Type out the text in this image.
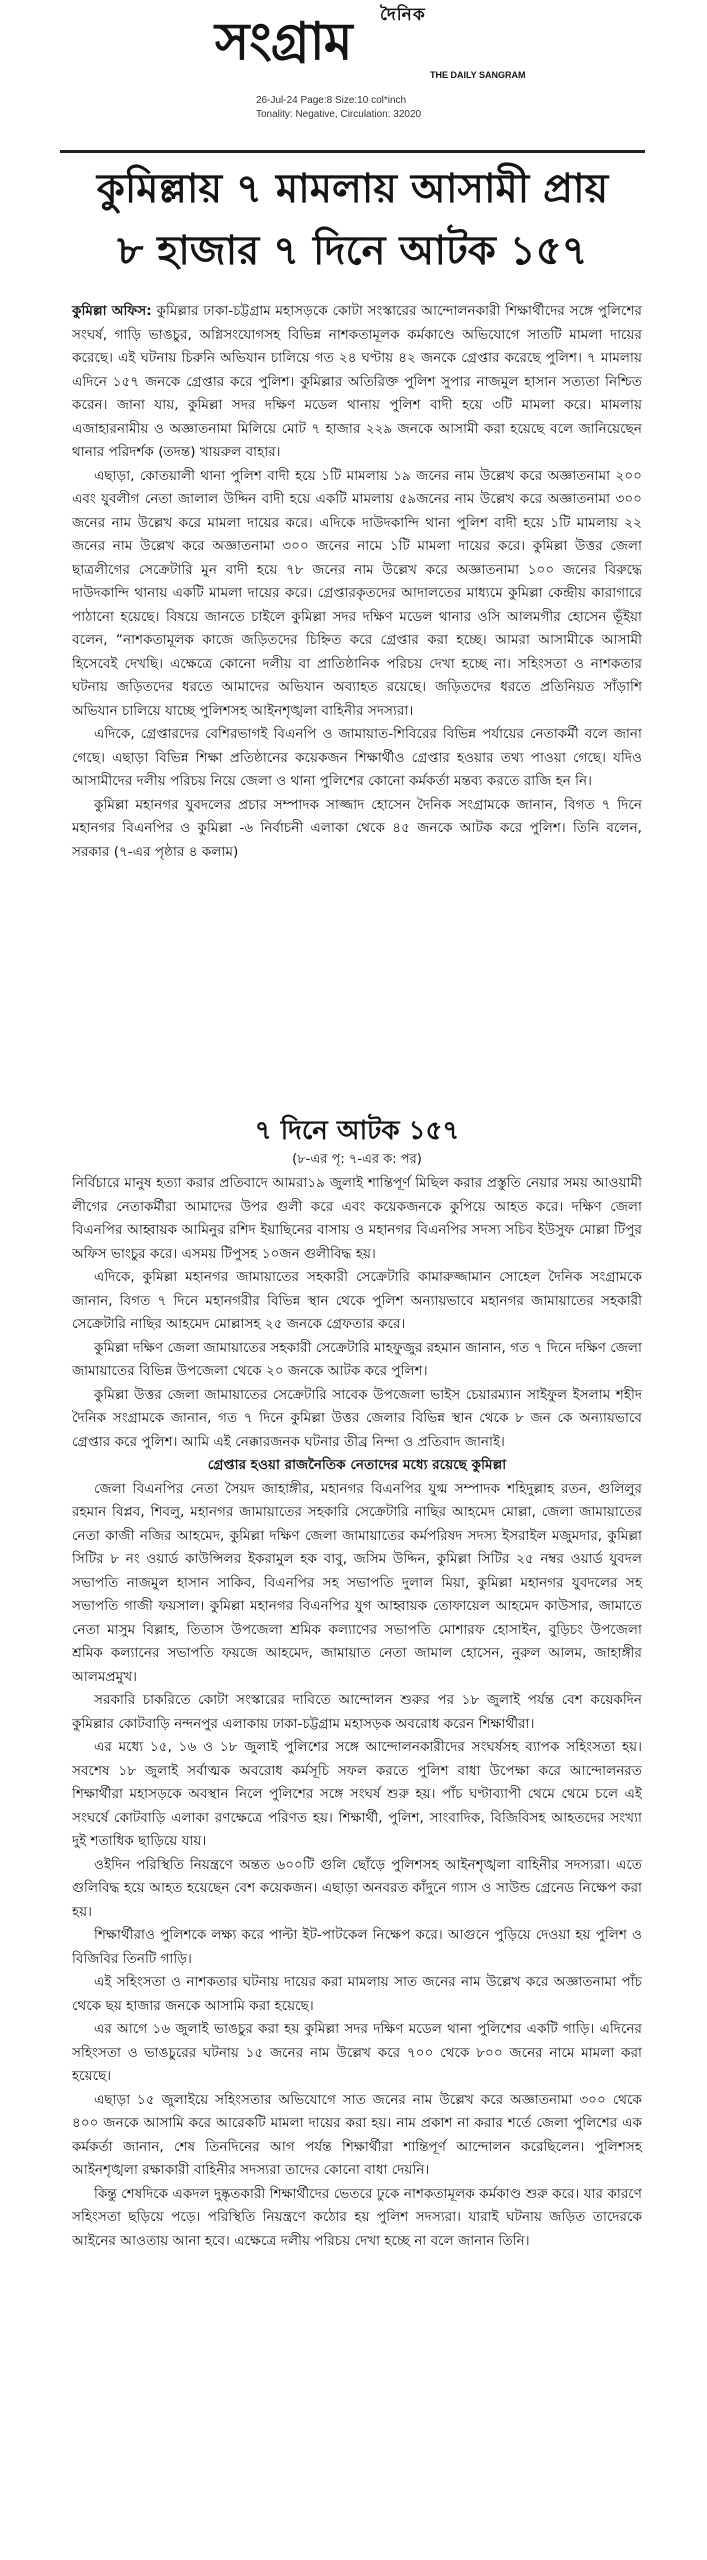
দৈনিক
সংগ্রাম
THE DAILY SANGRAM
26-Jul-24 Page:8 Size:10 col*inch
Tonality: Negative, Circulation: 32020
কুমিল্লায় ৭ মামলায় আসামী প্রায়
৮ হাজার ৭ দিনে আটক ১৫৭

কুমিল্লা অফিস: কুমিল্লার ঢাকা-চট্টগ্রাম মহাসড়কে কোটা সংস্কারের আন্দোলনকারী শিক্ষার্থীদের সঙ্গে পুলিশের সংঘর্ষ, গাড়ি ভাঙচুর, অগ্নিসংযোগসহ বিভিন্ন নাশকতামূলক কর্মকাণ্ডে অভিযোগে সাতটি মামলা দায়ের করেছে। এই ঘটনায় চিরুনি অভিযান চালিয়ে গত ২৪ ঘণ্টায় ৪২ জনকে গ্রেপ্তার করেছে পুলিশ। ৭ মামলায় এদিনে ১৫৭ জনকে গ্রেপ্তার করে পুলিশ। কুমিল্লার অতিরিক্ত পুলিশ সুপার নাজমুল হাসান সত্যতা নিশ্চিত করেন। জানা যায়, কুমিল্লা সদর দক্ষিণ মডেল থানায় পুলিশ বাদী হয়ে ৩টি মামলা করে। মামলায় এজাহারনামীয় ও অজ্ঞাতনামা মিলিয়ে মোট ৭ হাজার ২২৯ জনকে আসামী করা হয়েছে বলে জানিয়েছেন থানার পরিদর্শক (তদন্ত) খায়রুল বাহার।

এছাড়া, কোতয়ালী থানা পুলিশ বাদী হয়ে ১টি মামলায় ১৯ জনের নাম উল্লেখ করে অজ্ঞাতনামা ২০০ এবং যুবলীগ নেতা জালাল উদ্দিন বাদী হয়ে একটি মামলায় ৫৯জনের নাম উল্লেখ করে অজ্ঞাতনামা ৩০০ জনের নাম উল্লেখ করে মামলা দায়ের করে। এদিকে দাউদকান্দি থানা পুলিশ বাদী হয়ে ১টি মামলায় ২২ জনের নাম উল্লেখ করে অজ্ঞাতনামা ৩০০ জনের নামে ১টি মামলা দায়ের করে। কুমিল্লা উত্তর জেলা ছাত্রলীগের সেক্রেটারি মুন বাদী হয়ে ৭৮ জনের নাম উল্লেখ করে অজ্ঞাতনামা ১০০ জনের বিরুদ্ধে দাউদকান্দি থানায় একটি মামলা দায়ের করে। গ্রেপ্তারকৃতদের আদালতের মাধ্যমে কুমিল্লা কেন্দ্রীয় কারাগারে পাঠানো হয়েছে। বিষয়ে জানতে চাইলে কুমিল্লা সদর দক্ষিণ মডেল থানার ওসি আলমগীর হোসেন ভূঁইয়া বলেন, “নাশকতামূলক কাজে জড়িতদের চিহ্নিত করে গ্রেপ্তার করা হচ্ছে। আমরা আসামীকে আসামী হিসেবেই দেখছি। এক্ষেত্রে কোনো দলীয় বা প্রাতিষ্ঠানিক পরিচয় দেখা হচ্ছে না। সহিংসতা ও নাশকতার ঘটনায় জড়িতদের ধরতে আমাদের অভিযান অব্যাহত রয়েছে। জড়িতদের ধরতে প্রতিনিয়ত সাঁড়াশি অভিযান চালিয়ে যাচ্ছে পুলিশসহ আইনশৃঙ্খলা বাহিনীর সদস্যরা।

এদিকে, গ্রেপ্তারদের বেশিরভাগই বিএনপি ও জামায়াত-শিবিরের বিভিন্ন পর্যায়ের নেতাকর্মী বলে জানা গেছে। এছাড়া বিভিন্ন শিক্ষা প্রতিষ্ঠানের কয়েকজন শিক্ষার্থীও গ্রেপ্তার হওয়ার তথ্য পাওয়া গেছে। যদিও আসামীদের দলীয় পরিচয় নিয়ে জেলা ও থানা পুলিশের কোনো কর্মকর্তা মন্তব্য করতে রাজি হন নি।

কুমিল্লা মহানগর যুবদলের প্রচার সম্পাদক সাজ্জাদ হোসেন দৈনিক সংগ্রামকে জানান, বিগত ৭ দিনে মহানগর বিএনপির ও কুমিল্লা -৬ নির্বাচনী এলাকা থেকে ৪৫ জনকে আটক করে পুলিশ। তিনি বলেন, সরকার (৭-এর পৃষ্ঠার ৪ কলাম)

৭ দিনে আটক ১৫৭
(৮-এর পৃ: ৭-এর ক: পর)

নির্বিচারে মানুষ হত্যা করার প্রতিবাদে আমরা১৯ জুলাই শান্তিপূর্ণ মিছিল করার প্রস্তুতি নেয়ার সময় আওয়ামী লীগের নেতাকর্মীরা আমাদের উপর গুলী করে এবং কয়েকজনকে কুপিয়ে আহত করে। দক্ষিণ জেলা বিএনপির আহ্বায়ক আমিনুর রশিদ ইয়াছিনের বাসায় ও মহানগর বিএনপির সদস্য সচিব ইউসুফ মোল্লা টিপুর অফিস ভাংচুর করে। এসময় টিপুসহ ১০জন গুলীবিদ্ধ হয়।

এদিকে, কুমিল্লা মহানগর জামায়াতের সহকারী সেক্রেটারি কামারুজ্জামান সোহেল দৈনিক সংগ্রামকে জানান, বিগত ৭ দিনে মহানগরীর বিভিন্ন স্থান থেকে পুলিশ অন্যায়ভাবে মহানগর জামায়াতের সহকারী সেক্রেটারি নাছির আহমেদ মোল্লাসহ ২৫ জনকে গ্রেফতার করে।

কুমিল্লা দক্ষিণ জেলা জামায়াতের সহকারী সেক্রেটারি মাহফুজুর রহমান জানান, গত ৭ দিনে দক্ষিণ জেলা জামায়াতের বিভিন্ন উপজেলা থেকে ২০ জনকে আটক করে পুলিশ।

কুমিল্লা উত্তর জেলা জামায়াতের সেক্রেটারি সাবেক উপজেলা ভাইস চেয়ারম্যান সাইফুল ইসলাম শহীদ দৈনিক সংগ্রামকে জানান, গত ৭ দিনে কুমিল্লা উত্তর জেলার বিভিন্ন স্থান থেকে ৮ জন কে অন্যায়ভাবে গ্রেপ্তার করে পুলিশ। আমি এই নেক্কারজনক ঘটনার তীব্র নিন্দা ও প্রতিবাদ জানাই।

গ্রেপ্তার হওয়া রাজনৈতিক নেতাদের মধ্যে রয়েছে কুমিল্লা

জেলা বিএনপির নেতা সৈয়দ জাহাঙ্গীর, মহানগর বিএনপির যুগ্ম সম্পাদক শহিদুল্লাহ রতন, গুলিলুর রহমান বিপ্লব, শিবলু, মহানগর জামায়াতের সহকারি সেক্রেটারি নাছির আহমেদ মোল্লা, জেলা জামায়াতের নেতা কাজী নজির আহমেদ, কুমিল্লা দক্ষিণ জেলা জামায়াতের কর্মপরিষদ সদস্য ইসরাইল মজুমদার, কুমিল্লা সিটির ৮ নং ওয়ার্ড কাউন্সিলর ইকরামুল হক বাবু, জসিম উদ্দিন, কুমিল্লা সিটির ২৫ নম্বর ওয়ার্ড যুবদল সভাপতি নাজমুল হাসান সাকিব, বিএনপির সহ সভাপতি দুলাল মিয়া, কুমিল্লা মহানগর যুবদলের সহ সভাপতি গাজী ফয়সাল। কুমিল্লা মহানগর বিএনপির যুগ আহ্বায়ক তোফায়েল আহমেদ কাউসার, জামাতে নেতা মাসুম বিল্লাহ, তিতাস উপজেলা শ্রমিক কল্যাণের সভাপতি মোশারফ হোসাইন, বুড়িচং উপজেলা শ্রমিক কল্যানের সভাপতি ফয়জে আহমেদ, জামায়াত নেতা জামাল হোসেন, নুরুল আলম, জাহাঙ্গীর আলমপ্রমুখ।

সরকারি চাকরিতে কোটা সংস্কারের দাবিতে আন্দোলন শুরুর পর ১৮ জুলাই পর্যন্ত বেশ কয়েকদিন কুমিল্লার কোটবাড়ি নন্দনপুর এলাকায় ঢাকা-চট্টগ্রাম মহাসড়ক অবরোধ করেন শিক্ষার্থীরা।

এর মধ্যে ১৫, ১৬ ও ১৮ জুলাই পুলিশের সঙ্গে আন্দোলনকারীদের সংঘর্ষসহ ব্যাপক সহিংসতা হয়। সবশেষ ১৮ জুলাই সর্বাত্মক অবরোধ কর্মসূচি সফল করতে পুলিশ বাধা উপেক্ষা করে আন্দোলনরত শিক্ষার্থীরা মহাসড়কে অবস্থান নিলে পুলিশের সঙ্গে সংঘর্ষ শুরু হয়। পাঁচ ঘণ্টাব্যাপী থেমে থেমে চলে এই সংঘর্ষে কোটবাড়ি এলাকা রণক্ষেত্রে পরিণত হয়। শিক্ষার্থী, পুলিশ, সাংবাদিক, বিজিবিসহ আহতদের সংখ্যা দুই শতাধিক ছাড়িয়ে যায়।

ওইদিন পরিস্থিতি নিয়ন্ত্রণে অন্তত ৬০০টি গুলি ছোঁড়ে পুলিশসহ আইনশৃঙ্খলা বাহিনীর সদস্যরা। এতে গুলিবিদ্ধ হয়ে আহত হয়েছেন বেশ কয়েকজন। এছাড়া অনবরত কাঁদুনে গ্যাস ও সাউন্ড গ্রেনেড নিক্ষেপ করা হয়।

শিক্ষার্থীরাও পুলিশকে লক্ষ্য করে পাল্টা ইট-পাটকেল নিক্ষেপ করে। আগুনে পুড়িয়ে দেওয়া হয় পুলিশ ও বিজিবির তিনটি গাড়ি।

এই সহিংসতা ও নাশকতার ঘটনায় দায়ের করা মামলায় সাত জনের নাম উল্লেখ করে অজ্ঞাতনামা পাঁচ থেকে ছয় হাজার জনকে আসামি করা হয়েছে।

এর আগে ১৬ জুলাই ভাঙচুর করা হয় কুমিল্লা সদর দক্ষিণ মডেল থানা পুলিশের একটি গাড়ি। এদিনের সহিংসতা ও ভাঙচুরের ঘটনায় ১৫ জনের নাম উল্লেখ করে ৭০০ থেকে ৮০০ জনের নামে মামলা করা হয়েছে।

এছাড়া ১৫ জুলাইয়ে সহিংসতার অভিযোগে সাত জনের নাম উল্লেখ করে অজ্ঞাতনামা ৩০০ থেকে ৪০০ জনকে আসামি করে আরেকটি মামলা দায়ের করা হয়। নাম প্রকাশ না করার শর্তে জেলা পুলিশের এক কর্মকর্তা জানান, শেষ তিনদিনের আগ পর্যন্ত শিক্ষার্থীরা শান্তিপূর্ণ আন্দোলন করেছিলেন। পুলিশসহ আইনশৃঙ্খলা রক্ষাকারী বাহিনীর সদস্যরা তাদের কোনো বাধা দেয়নি।

কিন্তু শেষদিকে একদল দুষ্কৃতকারী শিক্ষার্থীদের ভেতরে ঢুকে নাশকতামূলক কর্মকাণ্ড শুরু করে। যার কারণে সহিংসতা ছড়িয়ে পড়ে। পরিস্থিতি নিয়ন্ত্রণে কঠোর হয় পুলিশ সদস্যরা। যারাই ঘটনায় জড়িত তাদেরকে আইনের আওতায় আনা হবে। এক্ষেত্রে দলীয় পরিচয় দেখা হচ্ছে না বলে জানান তিনি।
